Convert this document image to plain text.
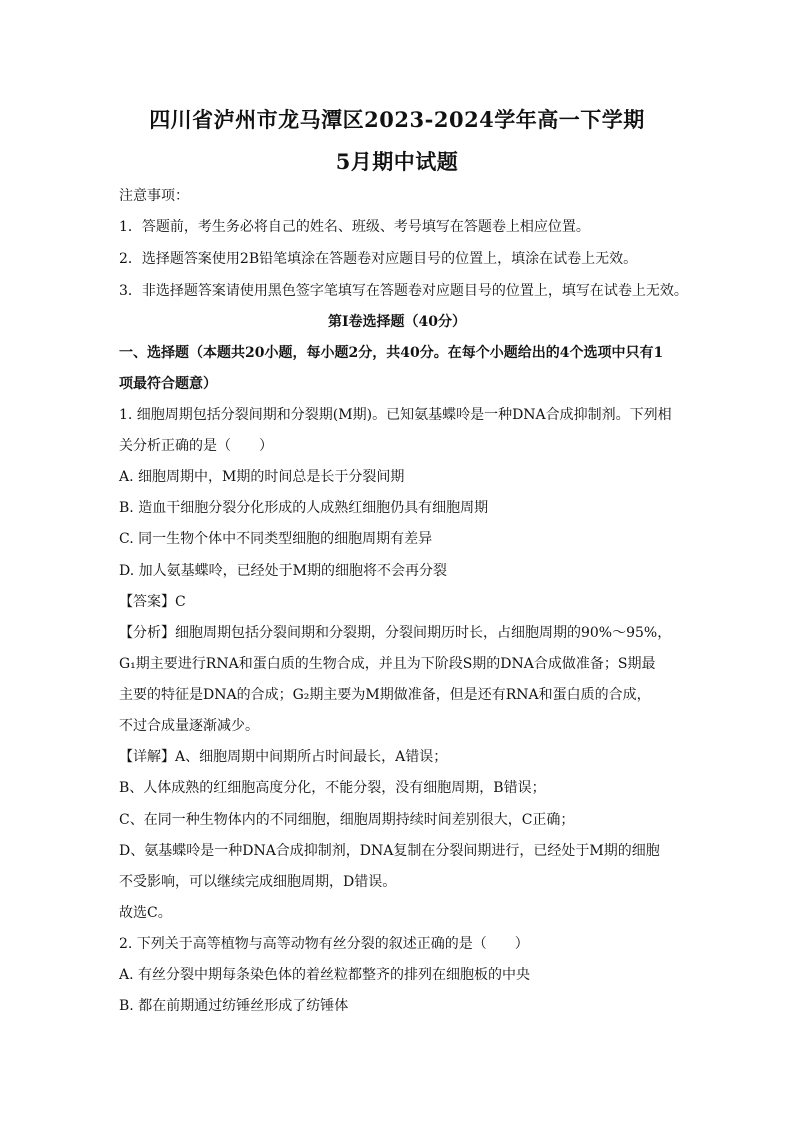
四川省泸州市龙马潭区2023-2024学年高一下学期
5月期中试题
注意事项：
1．答题前，考生务必将自己的姓名、班级、考号填写在答题卷上相应位置。
2．选择题答案使用2B铅笔填涂在答题卷对应题目号的位置上，填涂在试卷上无效。
3．非选择题答案请使用黑色签字笔填写在答题卷对应题目号的位置上，填写在试卷上无效。
第I卷选择题（40分）
一、选择题（本题共20小题，每小题2分，共40分。在每个小题给出的4个选项中只有1
项最符合题意）
1. 细胞周期包括分裂间期和分裂期(M期)。已知氨基蝶呤是一种DNA合成抑制剂。下列相
关分析正确的是（　　）
A. 细胞周期中，M期的时间总是长于分裂间期
B. 造血干细胞分裂分化形成的人成熟红细胞仍具有细胞周期
C. 同一生物个体中不同类型细胞的细胞周期有差异
D. 加人氨基蝶呤，已经处于M期的细胞将不会再分裂
【答案】C
【分析】细胞周期包括分裂间期和分裂期，分裂间期历时长，占细胞周期的90%～95%，
G₁期主要进行RNA和蛋白质的生物合成，并且为下阶段S期的DNA合成做准备；S期最
主要的特征是DNA的合成；G₂期主要为M期做准备，但是还有RNA和蛋白质的合成，
不过合成量逐渐减少。
【详解】A、细胞周期中间期所占时间最长，A错误；
B、人体成熟的红细胞高度分化，不能分裂，没有细胞周期，B错误；
C、在同一种生物体内的不同细胞，细胞周期持续时间差别很大，C正确；
D、氨基蝶呤是一种DNA合成抑制剂，DNA复制在分裂间期进行，已经处于M期的细胞
不受影响，可以继续完成细胞周期，D错误。
故选C。
2. 下列关于高等植物与高等动物有丝分裂的叙述正确的是（　　）
A. 有丝分裂中期每条染色体的着丝粒都整齐的排列在细胞板的中央
B. 都在前期通过纺锤丝形成了纺锤体
